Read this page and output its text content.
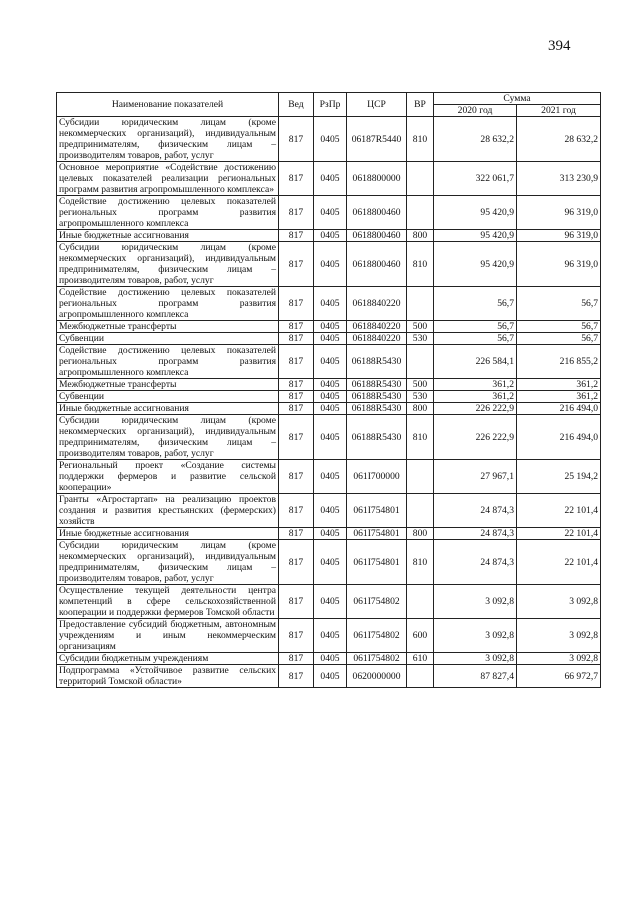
394
Наименование показателей	Вед	РзПр	ЦСР	ВР	Сумма	
					2020 год	2021 год
Субсидии юридическим лицам (кроме некоммерческих организаций), индивидуальным предпринимателям, физическим лицам – производителям товаров, работ, услуг	817	0405	06187R5440	810	28 632,2	28 632,2
Основное мероприятие «Содействие достижению целевых показателей реализации региональных программ развития агропромышленного комплекса»	817	0405	0618800000		322 061,7	313 230,9
Содействие достижению целевых показателей региональных программ развития агропромышленного комплекса	817	0405	0618800460		95 420,9	96 319,0
Иные бюджетные ассигнования	817	0405	0618800460	800	95 420,9	96 319,0
Субсидии юридическим лицам (кроме некоммерческих организаций), индивидуальным предпринимателям, физическим лицам – производителям товаров, работ, услуг	817	0405	0618800460	810	95 420,9	96 319,0
Содействие достижению целевых показателей региональных программ развития агропромышленного комплекса	817	0405	0618840220		56,7	56,7
Межбюджетные трансферты	817	0405	0618840220	500	56,7	56,7
Субвенции	817	0405	0618840220	530	56,7	56,7
Содействие достижению целевых показателей региональных программ развития агропромышленного комплекса	817	0405	06188R5430		226 584,1	216 855,2
Межбюджетные трансферты	817	0405	06188R5430	500	361,2	361,2
Субвенции	817	0405	06188R5430	530	361,2	361,2
Иные бюджетные ассигнования	817	0405	06188R5430	800	226 222,9	216 494,0
Субсидии юридическим лицам (кроме некоммерческих организаций), индивидуальным предпринимателям, физическим лицам – производителям товаров, работ, услуг	817	0405	06188R5430	810	226 222,9	216 494,0
Региональный проект «Создание системы поддержки фермеров и развитие сельской кооперации»	817	0405	061I700000		27 967,1	25 194,2
Гранты «Агростартап» на реализацию проектов создания и развития крестьянских (фермерских) хозяйств	817	0405	061I754801		24 874,3	22 101,4
Иные бюджетные ассигнования	817	0405	061I754801	800	24 874,3	22 101,4
Субсидии юридическим лицам (кроме некоммерческих организаций), индивидуальным предпринимателям, физическим лицам – производителям товаров, работ, услуг	817	0405	061I754801	810	24 874,3	22 101,4
Осуществление текущей деятельности центра компетенций в сфере сельскохозяйственной кооперации и поддержки фермеров Томской области	817	0405	061I754802		3 092,8	3 092,8
Предоставление субсидий бюджетным, автономным учреждениям и иным некоммерческим организациям	817	0405	061I754802	600	3 092,8	3 092,8
Субсидии бюджетным учреждениям	817	0405	061I754802	610	3 092,8	3 092,8
Подпрограмма «Устойчивое развитие сельских территорий Томской области»	817	0405	0620000000		87 827,4	66 972,7
